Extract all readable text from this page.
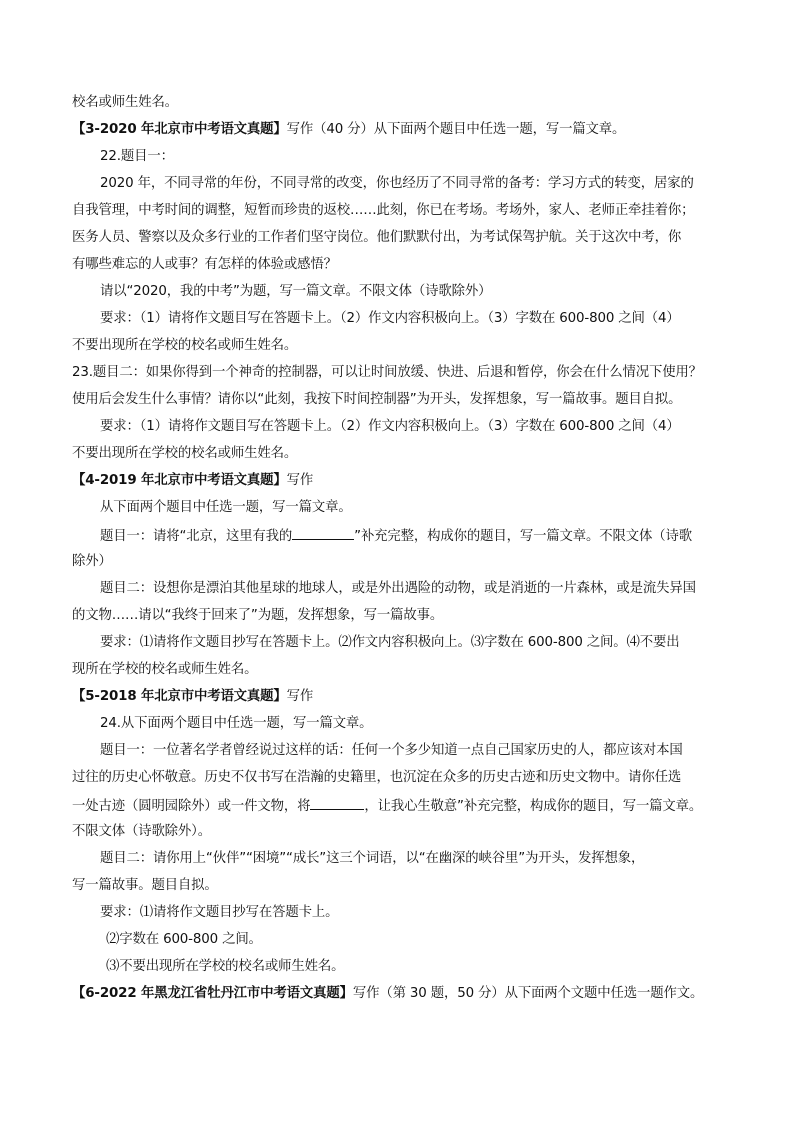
校名或师生姓名。
【3-2020 年北京市中考语文真题】写作（40 分）从下面两个题目中任选一题，写一篇文章。
22.题目一：
2020 年，不同寻常的年份，不同寻常的改变，你也经历了不同寻常的备考：学习方式的转变，居家的
自我管理，中考时间的调整，短暂而珍贵的返校……此刻，你已在考场。考场外，家人、老师正牵挂着你；
医务人员、警察以及众多行业的工作者们坚守岗位。他们默默付出，为考试保驾护航。关于这次中考，你
有哪些难忘的人或事？有怎样的体验或感悟？
请以“2020，我的中考”为题，写一篇文章。不限文体（诗歌除外）
要求：（1）请将作文题目写在答题卡上。（2）作文内容积极向上。（3）字数在 600-800 之间（4）
不要出现所在学校的校名或师生姓名。
23.题目二：如果你得到一个神奇的控制器，可以让时间放缓、快进、后退和暂停，你会在什么情况下使用？
使用后会发生什么事情？请你以“此刻，我按下时间控制器”为开头，发挥想象，写一篇故事。题目自拟。
要求：（1）请将作文题目写在答题卡上。（2）作文内容积极向上。（3）字数在 600-800 之间（4）
不要出现所在学校的校名或师生姓名。
【4-2019 年北京市中考语文真题】写作
从下面两个题目中任选一题，写一篇文章。
题目一：请将“北京，这里有我的	”补充完整，构成你的题目，写一篇文章。不限文体（诗歌
除外）
题目二：设想你是漂泊其他星球的地球人，或是外出遇险的动物，或是消逝的一片森林，或是流失异国
的文物……请以“我终于回来了”为题，发挥想象，写一篇故事。
要求：⑴请将作文题目抄写在答题卡上。⑵作文内容积极向上。⑶字数在 600-800 之间。⑷不要出
现所在学校的校名或师生姓名。
【5-2018 年北京市中考语文真题】写作
24.从下面两个题目中任选一题，写一篇文章。
题目一：一位著名学者曾经说过这样的话：任何一个多少知道一点自己国家历史的人，都应该对本国
过往的历史心怀敬意。历史不仅书写在浩瀚的史籍里，也沉淀在众多的历史古迹和历史文物中。请你任选
一处古迹（圆明园除外）或一件文物，将	，让我心生敬意”补充完整，构成你的题目，写一篇文章。
不限文体（诗歌除外）。
题目二：请你用上“伙伴”“困境”“成长”这三个词语，以“在幽深的峡谷里”为开头，发挥想象，
写一篇故事。题目自拟。
要求：⑴请将作文题目抄写在答题卡上。
⑵字数在 600-800 之间。
⑶不要出现所在学校的校名或师生姓名。
【6-2022 年黑龙江省牡丹江市中考语文真题】写作（第 30 题，50 分）从下面两个文题中任选一题作文。
